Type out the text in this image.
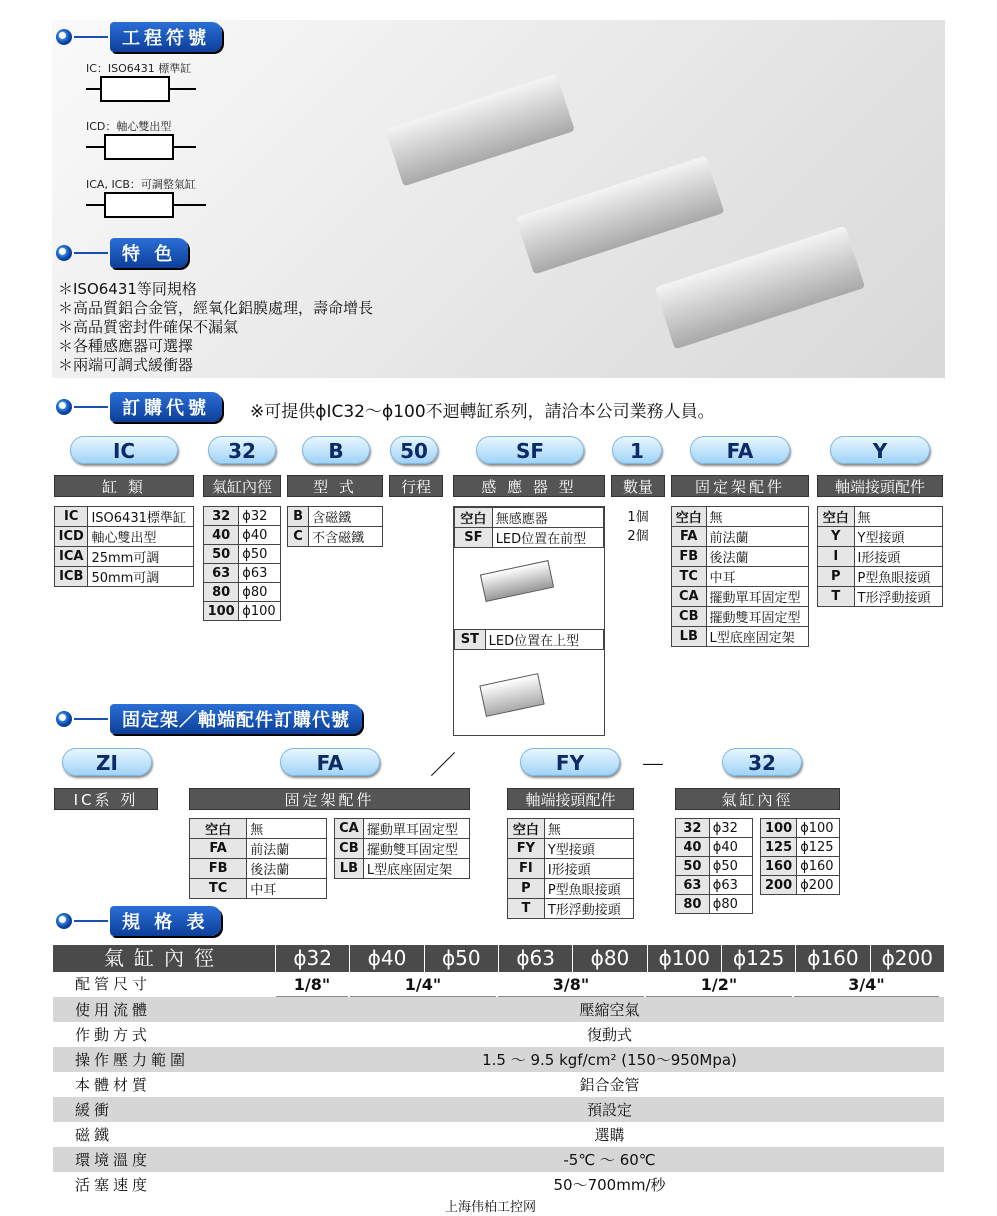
工程符號
IC：ISO6431 標準缸
ICD：軸心雙出型
ICA, ICB：可調整氣缸
特 色
＊ISO6431等同規格
＊高品質鋁合金管，經氧化鋁膜處理，壽命增長
＊高品質密封件確保不漏氣
＊各種感應器可選擇
＊兩端可調式緩衝器
訂購代號	※可提供ϕIC32～ϕ100不迴轉缸系列，請洽本公司業務人員。
IC	32	B	50	SF	1	FA	Y
缸 類	氣缸內徑	型 式	行程	感 應 器 型	數量	固定架配件	軸端接頭配件
IC	ISO6431標準缸
ICD	軸心雙出型
ICA	25mm可調
ICB	50mm可調
32	ϕ32
40	ϕ40
50	ϕ50
63	ϕ63
80	ϕ80
100	ϕ100
B	含磁鐵
C	不含磁鐵
空白	無感應器
SF	LED位置在前型
ST	LED位置在上型
1個
2個
空白	無
FA	前法蘭
FB	後法蘭
TC	中耳
CA	擺動單耳固定型
CB	擺動雙耳固定型
LB	L型底座固定架
空白	無
Y	Y型接頭
I	I形接頭
P	P型魚眼接頭
T	T形浮動接頭
固定架／軸端配件訂購代號
ZI	FA	／	FY	－	32
IC系 列	固定架配件	軸端接頭配件	氣缸內徑
空白	無
FA	前法蘭
FB	後法蘭
TC	中耳
CA	擺動單耳固定型
CB	擺動雙耳固定型
LB	L型底座固定架
空白	無
FY	Y型接頭
FI	I形接頭
P	P型魚眼接頭
T	T形浮動接頭
32	ϕ32
40	ϕ40
50	ϕ50
63	ϕ63
80	ϕ80
100	ϕ100
125	ϕ125
160	ϕ160
200	ϕ200
規 格 表
氣缸內徑	ϕ32	ϕ40	ϕ50	ϕ63	ϕ80	ϕ100	ϕ125	ϕ160	ϕ200
配管尺寸	1/8"	1/4"	3/8"	1/2"	3/4"
使用流體	壓縮空氣
作動方式	復動式
操作壓力範圍	1.5 ～ 9.5 kgf/cm² (150～950Mpa)
本體材質	鋁合金管
緩衝	預設定
磁鐵	選購
環境溫度	-5℃ ～ 60℃
活塞速度	50～700mm/秒
上海伟柏工控网
